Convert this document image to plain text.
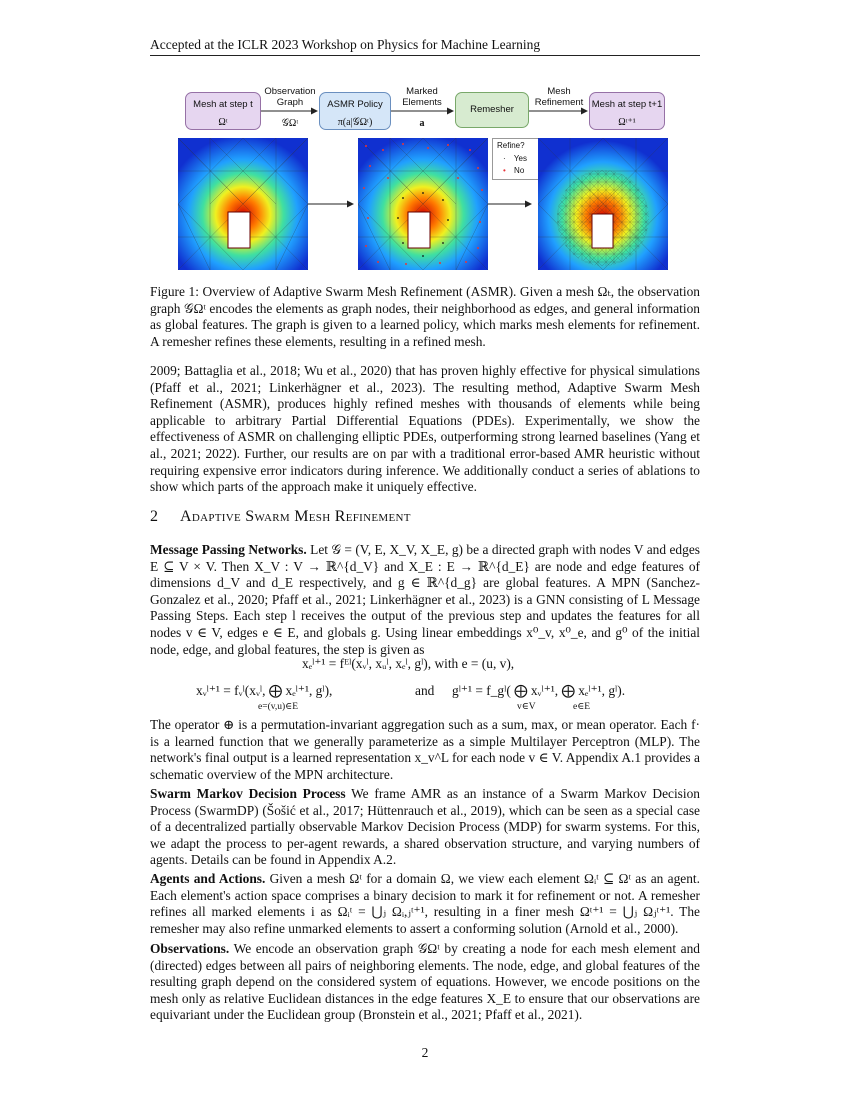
Accepted at the ICLR 2023 Workshop on Physics for Machine Learning
Mesh at step t
Ωᵗ
Observation
Graph
𝒢Ωᵗ
ASMR Policy
π(a|𝒢Ωᵗ)
Marked
Elements
a
Remesher
Mesh
Refinement Mesh at step t+1
Ωᵗ⁺¹
Refine?
· Yes
• No

Figure 1: Overview of Adaptive Swarm Mesh Refinement (ASMR). Given a mesh Ωₜ, the observation graph 𝒢Ωᵗ encodes the elements as graph nodes, their neighborhood as edges, and general information as global features. The graph is given to a learned policy, which marks mesh elements for refinement. A remesher refines these elements, resulting in a refined mesh.

2009; Battaglia et al., 2018; Wu et al., 2020) that has proven highly effective for physical simulations (Pfaff et al., 2021; Linkerhägner et al., 2023). The resulting method, Adaptive Swarm Mesh Refinement (ASMR), produces highly refined meshes with thousands of elements while being applicable to arbitrary Partial Differential Equations (PDEs). Experimentally, we show the effectiveness of ASMR on challenging elliptic PDEs, outperforming strong learned baselines (Yang et al., 2021; 2022). Further, our results are on par with a traditional error-based AMR heuristic without requiring expensive error indicators during inference. We additionally conduct a series of ablations to show which parts of the approach make it uniquely effective.

2 Adaptive Swarm Mesh Refinement

Message Passing Networks. Let 𝒢 = (V, E, X_V, X_E, g) be a directed graph with nodes V and edges E ⊆ V × V. Then X_V : V → ℝ^{d_V} and X_E : E → ℝ^{d_E} are node and edge features of dimensions d_V and d_E respectively, and g ∈ ℝ^{d_g} are global features. A MPN (Sanchez-Gonzalez et al., 2020; Pfaff et al., 2021; Linkerhägner et al., 2023) is a GNN consisting of L Message Passing Steps. Each step l receives the output of the previous step and updates the features for all nodes v ∈ V, edges e ∈ E, and globals g. Using linear embeddings x⁰_v, x⁰_e, and g⁰ of the initial node, edge, and global features, the step is given as

xₑˡ⁺¹ = fᴱˡ(xᵥˡ, xᵤˡ, xₑˡ, gˡ), with e = (u, v),
xᵥˡ⁺¹ = fᵥˡ(xᵥˡ, ⨁ xₑˡ⁺¹, gˡ),
e=(v,u)∈E
and gˡ⁺¹ = f_gˡ( ⨁ xᵥˡ⁺¹, ⨁ xₑˡ⁺¹, gˡ).
v∈V	e∈E

The operator ⊕ is a permutation-invariant aggregation such as a sum, max, or mean operator. Each f· is a learned function that we generally parameterize as a simple Multilayer Perceptron (MLP). The network's final output is a learned representation x_v^L for each node v ∈ V. Appendix A.1 provides a schematic overview of the MPN architecture.

Swarm Markov Decision Process We frame AMR as an instance of a Swarm Markov Decision Process (SwarmDP) (Šošić et al., 2017; Hüttenrauch et al., 2019), which can be seen as a special case of a decentralized partially observable Markov Decision Process (MDP) for swarm systems. For this, we adapt the process to per-agent rewards, a shared observation structure, and varying numbers of agents. Details can be found in Appendix A.2.

Agents and Actions. Given a mesh Ωᵗ for a domain Ω, we view each element Ωᵢᵗ ⊆ Ωᵗ as an agent. Each element's action space comprises a binary decision to mark it for refinement or not. A remesher refines all marked elements i as Ωᵢᵗ = ⋃ⱼ Ωᵢ,ⱼᵗ⁺¹, resulting in a finer mesh Ωᵗ⁺¹ = ⋃ⱼ Ωⱼᵗ⁺¹. The remesher may also refine unmarked elements to assert a conforming solution (Arnold et al., 2000).

Observations. We encode an observation graph 𝒢Ωᵗ by creating a node for each mesh element and (directed) edges between all pairs of neighboring elements. The node, edge, and global features of the resulting graph depend on the considered system of equations. However, we encode positions on the mesh only as relative Euclidean distances in the edge features X_E to ensure that our observations are equivariant under the Euclidean group (Bronstein et al., 2021; Pfaff et al., 2021).

2
